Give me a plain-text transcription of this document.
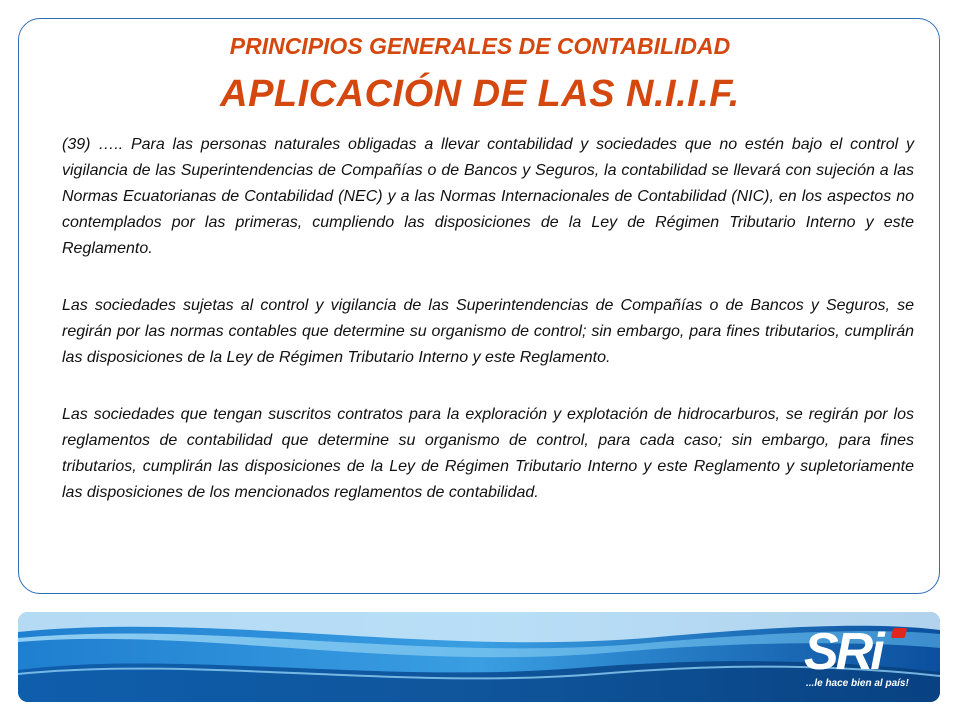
PRINCIPIOS GENERALES DE CONTABILIDAD
APLICACIÓN DE LAS N.I.I.F.

(39) ….. Para las personas naturales obligadas a llevar contabilidad y sociedades que no estén bajo el control y vigilancia de las Superintendencias de Compañías o de Bancos y Seguros, la contabilidad se llevará con sujeción a las Normas Ecuatorianas de Contabilidad (NEC) y a las Normas Internacionales de Contabilidad (NIC), en los aspectos no contemplados por las primeras, cumpliendo las disposiciones de la Ley de Régimen Tributario Interno y este Reglamento.

Las sociedades sujetas al control y vigilancia de las Superintendencias de Compañías o de Bancos y Seguros, se regirán por las normas contables que determine su organismo de control; sin embargo, para fines tributarios, cumplirán las disposiciones de la Ley de Régimen Tributario Interno y este Reglamento.

Las sociedades que tengan suscritos contratos para la exploración y explotación de hidrocarburos, se regirán por los reglamentos de contabilidad que determine su organismo de control, para cada caso; sin embargo, para fines tributarios, cumplirán las disposiciones de la Ley de Régimen Tributario Interno y este Reglamento y supletoriamente las disposiciones de los mencionados reglamentos de contabilidad.

SRi
...le hace bien al país!
